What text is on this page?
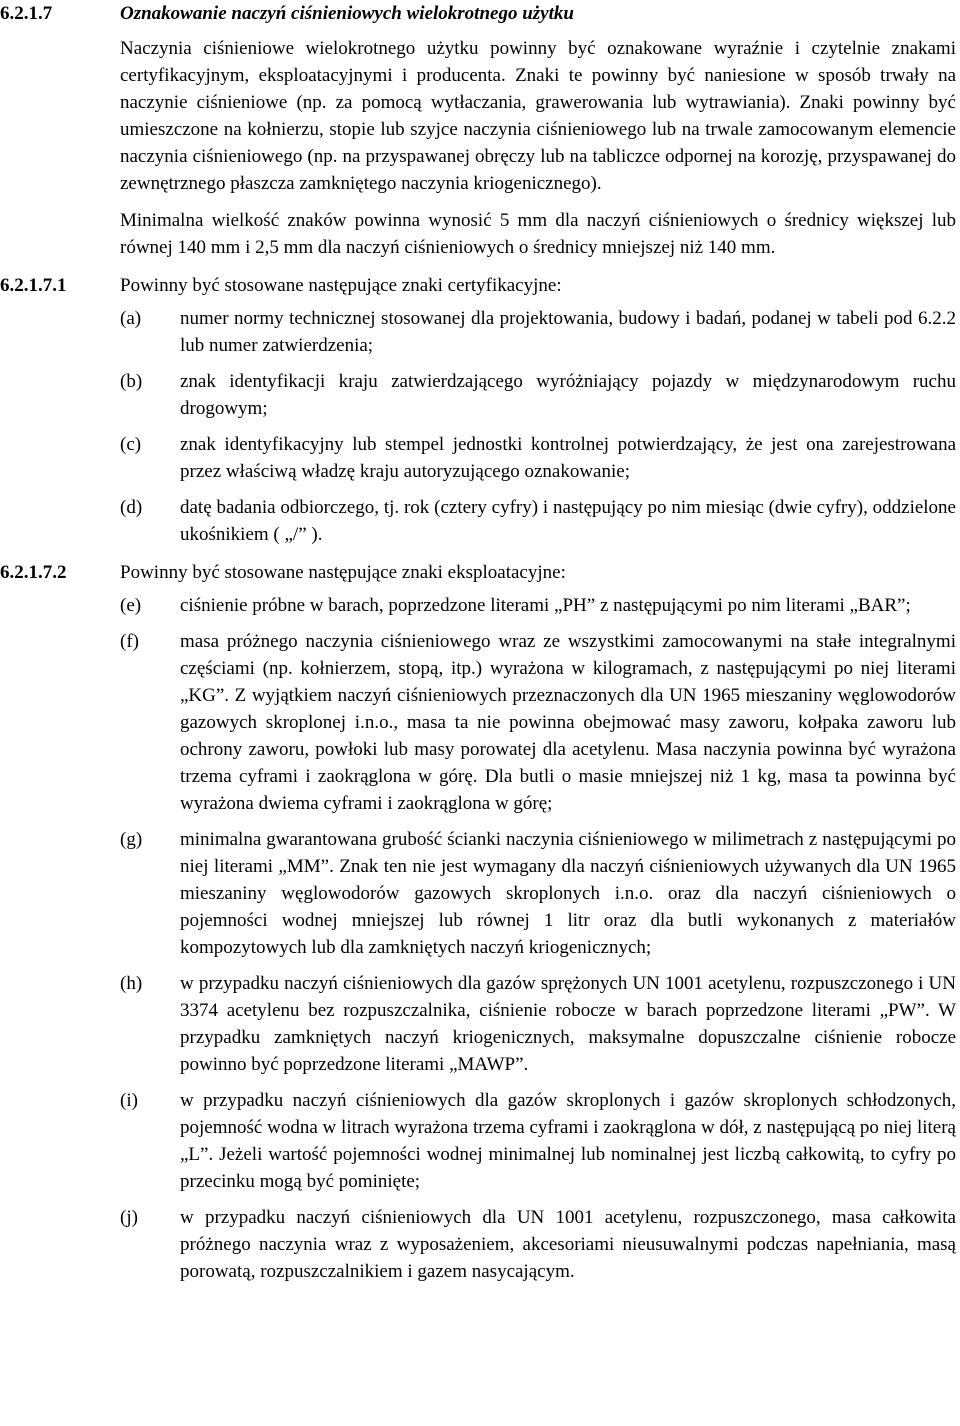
6.2.1.7	Oznakowanie naczyń ciśnieniowych wielokrotnego użytku
Naczynia ciśnieniowe wielokrotnego użytku powinny być oznakowane wyraźnie i czytelnie znakami certyfikacyjnym, eksploatacyjnymi i producenta. Znaki te powinny być naniesione w sposób trwały na naczynie ciśnieniowe (np. za pomocą wytłaczania, grawerowania lub wytrawiania). Znaki powinny być umieszczone na kołnierzu, stopie lub szyjce naczynia ciśnieniowego lub na trwale zamocowanym elemencie naczynia ciśnieniowego (np. na przyspawanej obręczy lub na tabliczce odpornej na korozję, przyspawanej do zewnętrznego płaszcza zamkniętego naczynia kriogenicznego).
Minimalna wielkość znaków powinna wynosić 5 mm dla naczyń ciśnieniowych o średnicy większej lub równej 140 mm i 2,5 mm dla naczyń ciśnieniowych o średnicy mniejszej niż 140 mm.
6.2.1.7.1	Powinny być stosowane następujące znaki certyfikacyjne:
(a)	numer normy technicznej stosowanej dla projektowania, budowy i badań, podanej w tabeli pod 6.2.2 lub numer zatwierdzenia;
(b)	znak identyfikacji kraju zatwierdzającego wyróżniający pojazdy w międzynarodowym ruchu drogowym;
(c)	znak identyfikacyjny lub stempel jednostki kontrolnej potwierdzający, że jest ona zarejestrowana przez właściwą władzę kraju autoryzującego oznakowanie;
(d)	datę badania odbiorczego, tj. rok (cztery cyfry) i następujący po nim miesiąc (dwie cyfry), oddzielone ukośnikiem ( „/” ).
6.2.1.7.2	Powinny być stosowane następujące znaki eksploatacyjne:
(e)	ciśnienie próbne w barach, poprzedzone literami „PH” z następującymi po nim literami „BAR”;
(f)	masa próżnego naczynia ciśnieniowego wraz ze wszystkimi zamocowanymi na stałe integralnymi częściami (np. kołnierzem, stopą, itp.) wyrażona w kilogramach, z następującymi po niej literami „KG”. Z wyjątkiem naczyń ciśnieniowych przeznaczonych dla UN 1965 mieszaniny węglowodorów gazowych skroplonej i.n.o., masa ta nie powinna obejmować masy zaworu, kołpaka zaworu lub ochrony zaworu, powłoki lub masy porowatej dla acetylenu. Masa naczynia powinna być wyrażona trzema cyframi i zaokrąglona w górę. Dla butli o masie mniejszej niż 1 kg, masa ta powinna być wyrażona dwiema cyframi i zaokrąglona w górę;
(g)	minimalna gwarantowana grubość ścianki naczynia ciśnieniowego w milimetrach z następującymi po niej literami „MM”. Znak ten nie jest wymagany dla naczyń ciśnieniowych używanych dla UN 1965 mieszaniny węglowodorów gazowych skroplonych i.n.o. oraz dla naczyń ciśnieniowych o pojemności wodnej mniejszej lub równej 1 litr oraz dla butli wykonanych z materiałów kompozytowych lub dla zamkniętych naczyń kriogenicznych;
(h)	w przypadku naczyń ciśnieniowych dla gazów sprężonych UN 1001 acetylenu, rozpuszczonego i UN 3374 acetylenu bez rozpuszczalnika, ciśnienie robocze w barach poprzedzone literami „PW”. W przypadku zamkniętych naczyń kriogenicznych, maksymalne dopuszczalne ciśnienie robocze powinno być poprzedzone literami „MAWP”.
(i)	w przypadku naczyń ciśnieniowych dla gazów skroplonych i gazów skroplonych schłodzonych, pojemność wodna w litrach wyrażona trzema cyframi i zaokrąglona w dół, z następującą po niej literą „L”. Jeżeli wartość pojemności wodnej minimalnej lub nominalnej jest liczbą całkowitą, to cyfry po przecinku mogą być pominięte;
(j)	w przypadku naczyń ciśnieniowych dla UN 1001 acetylenu, rozpuszczonego, masa całkowita próżnego naczynia wraz z wyposażeniem, akcesoriami nieusuwalnymi podczas napełniania, masą porowatą, rozpuszczalnikiem i gazem nasycającym.
